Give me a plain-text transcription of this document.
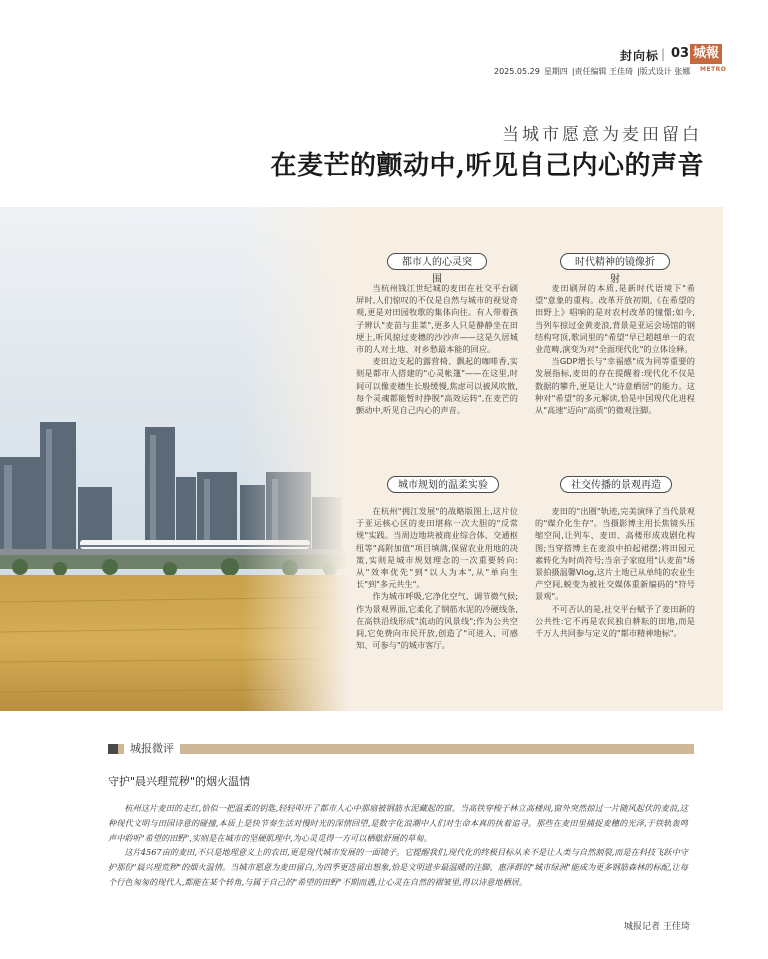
封向标 | 03 城報
METRO
2025.05.29 星期四 |责任编辑 王佳琦 |版式设计 张娜
当城市愿意为麦田留白
在麦芒的颤动中,听见自己内心的声音
都市人的心灵突围

当杭州钱江世纪城的麦田在社交平台刷屏时,人们惊叹的不仅是自然与城市的视觉奇观,更是对田园牧歌的集体向往。有人带着孩子辨认"麦苗与韭菜",更多人只是静静坐在田埂上,听风掠过麦穗的沙沙声——这是久居城市的人对土地、对乡愁最本能的回应。

麦田边支起的露营椅、飘起的咖啡香,实则是都市人搭建的"心灵帐篷"——在这里,时间可以像麦穗生长般缓慢,焦虑可以被风吹散,每个灵魂都能暂时挣脱"高效运转",在麦芒的颤动中,听见自己内心的声音。

时代精神的镜像折射

麦田刷屏的本质,是新时代语境下"希望"意象的重构。改革开放初期,《在希望的田野上》唱响的是对农村改革的憧憬;如今,当列车掠过金黄麦浪,背景是亚运会场馆的钢结构穹顶,歌词里的"希望"早已超越单一的农业范畴,演变为对"全面现代化"的立体诠释。

当GDP增长与"幸福感"成为同等重要的发展指标,麦田的存在提醒着:现代化不仅是数据的攀升,更是让人"诗意栖居"的能力。这种对"希望"的多元解读,恰是中国现代化进程从"高速"迈向"高质"的微观注脚。

城市规划的温柔实验

在杭州"拥江发展"的战略版图上,这片位于亚运核心区的麦田堪称一次大胆的"反常规"实践。当周边地块被商业综合体、交通枢纽等"高附加值"项目填满,保留农业用地的决策,实则是城市规划理念的一次重要转向:从"效率优先"到"以人为本",从"单向生长"到"多元共生"。

作为城市呼吸,它净化空气、调节微气候;作为景观界面,它柔化了钢筋水泥的冷硬线条,在高铁沿线形成"流动的风景线";作为公共空间,它免费向市民开放,创造了"可进入、可感知、可参与"的城市客厅。

社交传播的景观再造

麦田的"出圈"轨迹,完美演绎了当代景观的"媒介化生存"。当摄影博主用长焦镜头压缩空间,让列车、麦田、高楼形成戏剧化构图;当穿搭博主在麦浪中拍起裙摆;将田园元素转化为时尚符号;当亲子家庭用"认麦苗"场景拍摄温馨Vlog,这片土地已从单纯的农业生产空间,蜕变为被社交媒体重新编码的"符号景观"。

不可否认的是,社交平台赋予了麦田新的公共性:它不再是农民独自耕耘的田地,而是千万人共同参与定义的"都市精神地标"。

城报微评
守护"晨兴理荒秽"的烟火温情

杭州这片麦田的走红,恰似一把温柔的钥匙,轻轻叩开了都市人心中那扇被钢筋水泥藏起的窗。当高铁穿梭于林立高楼间,窗外突然掠过一片随风起伏的麦浪,这种现代文明与田园诗意的碰撞,本质上是快节奏生活对慢时光的深情回望,是数字化浪潮中人们对生命本真的执着追寻。那些在麦田里捕捉麦穗的光泽,于铁轨轰鸣声中聆听"希望的田野",实则是在城市的坚硬肌理中,为心灵觅得一方可以栖歇舒展的草甸。

这片4567亩的麦田,不只是地理意义上的农田,更是现代城市发展的一面镜子。它提醒我们,现代化的终极目标从来不是让人类与自然割裂,而是在科技飞跃中守护那份"晨兴理荒秽"的烟火温情。当城市愿意为麦田留白,为四季更迭留出想象,恰是文明进步最温暖的注脚。惠泽群的"城市绿洲"能成为更多钢筋森林的标配,让每个行色匆匆的现代人,都能在某个转角,与属于自己的"希望的田野"不期而遇,让心灵在自然的褶皱里,得以诗意地栖居。

城报记者 王佳琦
